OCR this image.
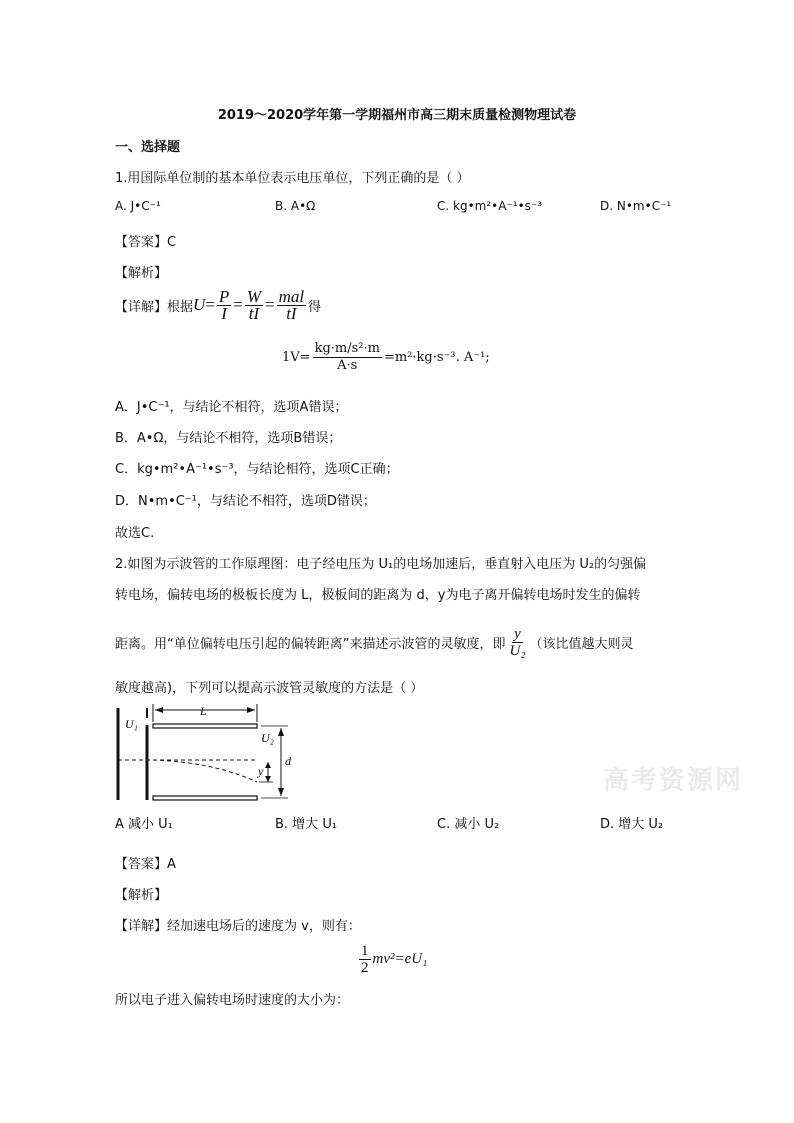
2019～2020学年第一学期福州市高三期末质量检测物理试卷
一、选择题
1.用国际单位制的基本单位表示电压单位，下列正确的是（ ）
A. J•C⁻¹	B. A•Ω	C. kg•m²•A⁻¹•s⁻³	D. N•m•C⁻¹
【答案】C
【解析】
【详解】根据 $U = \frac{P}{I} = \frac{W}{tI} = \frac{\text{mal}}{tI}$ 得
$1V= \frac{\text{kg·m/s²·m}}{A\cdot s} =m^2\cdot kg\cdot s^{-3}$. A⁻¹;
A．J•C⁻¹，与结论不相符，选项A错误；
B．A•Ω，与结论不相符，选项B错误；
C．kg•m²•A⁻¹•s⁻³，与结论相符，选项C正确；
D．N•m•C⁻¹，与结论不相符，选项D错误；
故选C.
2.如图为示波管的工作原理图：电子经电压为 U₁的电场加速后，垂直射入电压为 U₂的匀强偏
转电场，偏转电场的极板长度为 L，极板间的距离为 d，y为电子离开偏转电场时发生的偏转
距离。用“单位偏转电压引起的偏转距离”来描述示波管的灵敏度，即 $\frac{y}{\text{U₂}}$ （该比值越大则灵
敏度越高)，下列可以提高示波管灵敏度的方法是（ ）
U₁
L
U₂
d
y	高考资源网
A 减小 U₁	B. 增大 U₁	C. 减小 U₂	D. 增大 U₂
【答案】A
【解析】
【详解】经加速电场后的速度为 v，则有：
$\frac{1}{2} mv^2=eU_1$
所以电子进入偏转电场时速度的大小为：
